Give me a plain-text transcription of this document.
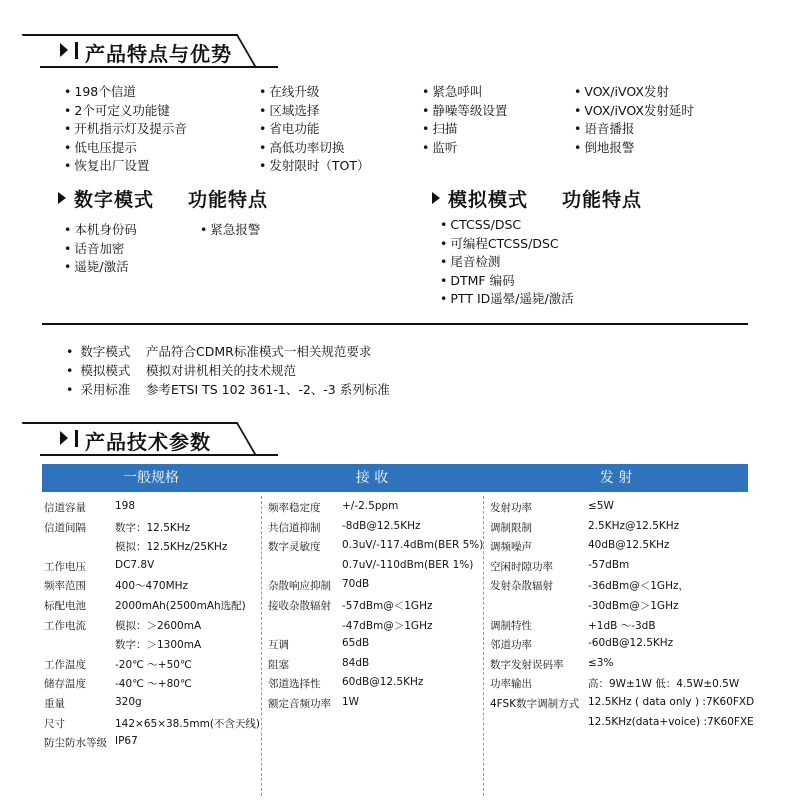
产品特点与优势
• 198个信道
• 2个可定义功能键
• 开机指示灯及提示音
• 低电压提示
• 恢复出厂设置
• 在线升级
• 区域选择
• 省电功能
• 高低功率切换
• 发射限时（TOT）
• 紧急呼叫
• 静噪等级设置
• 扫描
• 监听
• VOX/iVOX发射
• VOX/iVOX发射延时
• 语音播报
• 倒地报警
数字模式 功能特点
• 本机身份码
• 话音加密
• 遥毙/激活
• 紧急报警
模拟模式 功能特点
• CTCSS/DSC
• 可编程CTCSS/DSC
• 尾音检测
• DTMF 编码
• PTT ID遥晕/遥毙/激活
• 数字模式 产品符合CDMR标准模式一相关规范要求
• 模拟模式 模拟对讲机相关的技术规范
• 采用标准 参考ETSI TS 102 361-1、-2、-3 系列标准
产品技术参数
一般规格	接 收	发 射
信道容量	198
信道间隔	数字：12.5KHz
模拟：12.5KHz/25KHz
工作电压	DC7.8V
频率范围	400～470MHz
标配电池	2000mAh(2500mAh选配)
工作电流	模拟：＞2600mA
数字：＞1300mA
工作温度	-20℃ ～+50℃
储存温度	-40℃ ～+80℃
重量	320g
尺寸	142×65×38.5mm(不含天线)
防尘防水等级 IP67
频率稳定度 +/-2.5ppm
共信道抑制 -8dB@12.5KHz
数字灵敏度 0.3uV/-117.4dBm(BER 5%)
0.7uV/-110dBm(BER 1%)
杂散响应抑制 70dB
接收杂散辐射 -57dBm@＜1GHz
-47dBm@＞1GHz
互调	65dB
阻塞	84dB
邻道选择性 60dB@12.5KHz
额定音频功率 1W
发射功率	≤5W
调制限制	2.5KHz@12.5KHz
调频噪声	40dB@12.5KHz
空闲时隙功率	-57dBm
发射杂散辐射	-36dBm@＜1GHz，
-30dBm@＞1GHz
调制特性	+1dB ～-3dB
邻道功率	-60dB@12.5KHz
数字发射误码率 ≤3%
功率输出	高：9W±1W 低：4.5W±0.5W
4FSK数字调制方式 12.5KHz ( data only ) :7K60FXD
12.5KHz(data+voice) :7K60FXE
